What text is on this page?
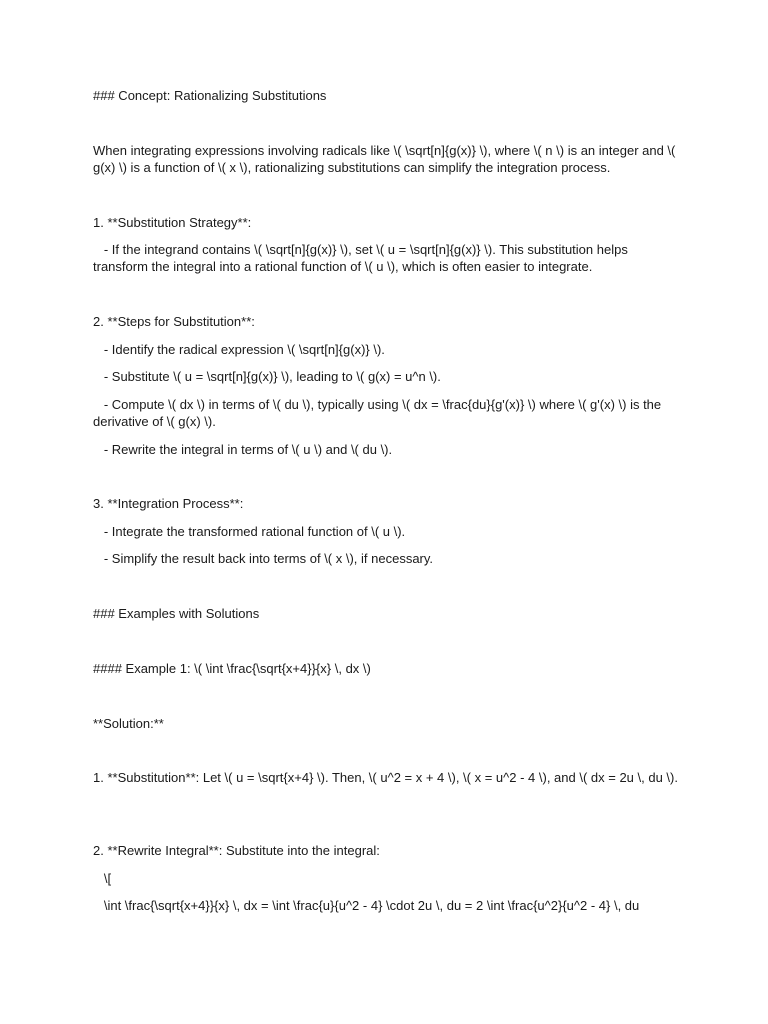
### Concept: Rationalizing Substitutions
When integrating expressions involving radicals like \( \sqrt[n]{g(x)} \), where \( n \) is an integer and \( g(x) \) is a function of \( x \), rationalizing substitutions can simplify the integration process.
1. **Substitution Strategy**:
- If the integrand contains \( \sqrt[n]{g(x)} \), set \( u = \sqrt[n]{g(x)} \). This substitution helps transform the integral into a rational function of \( u \), which is often easier to integrate.
2. **Steps for Substitution**:
- Identify the radical expression \( \sqrt[n]{g(x)} \).
- Substitute \( u = \sqrt[n]{g(x)} \), leading to \( g(x) = u^n \).
- Compute \( dx \) in terms of \( du \), typically using \( dx = \frac{du}{g'(x)} \) where \( g'(x) \) is the derivative of \( g(x) \).
- Rewrite the integral in terms of \( u \) and \( du \).
3. **Integration Process**:
- Integrate the transformed rational function of \( u \).
- Simplify the result back into terms of \( x \), if necessary.
### Examples with Solutions
#### Example 1: \( \int \frac{\sqrt{x+4}}{x} \, dx \)
**Solution:**
1. **Substitution**: Let \( u = \sqrt{x+4} \). Then, \( u^2 = x + 4 \), \( x = u^2 - 4 \), and \( dx = 2u \, du \).
2. **Rewrite Integral**: Substitute into the integral:
\[
\int \frac{\sqrt{x+4}}{x} \, dx = \int \frac{u}{u^2 - 4} \cdot 2u \, du = 2 \int \frac{u^2}{u^2 - 4} \, du
